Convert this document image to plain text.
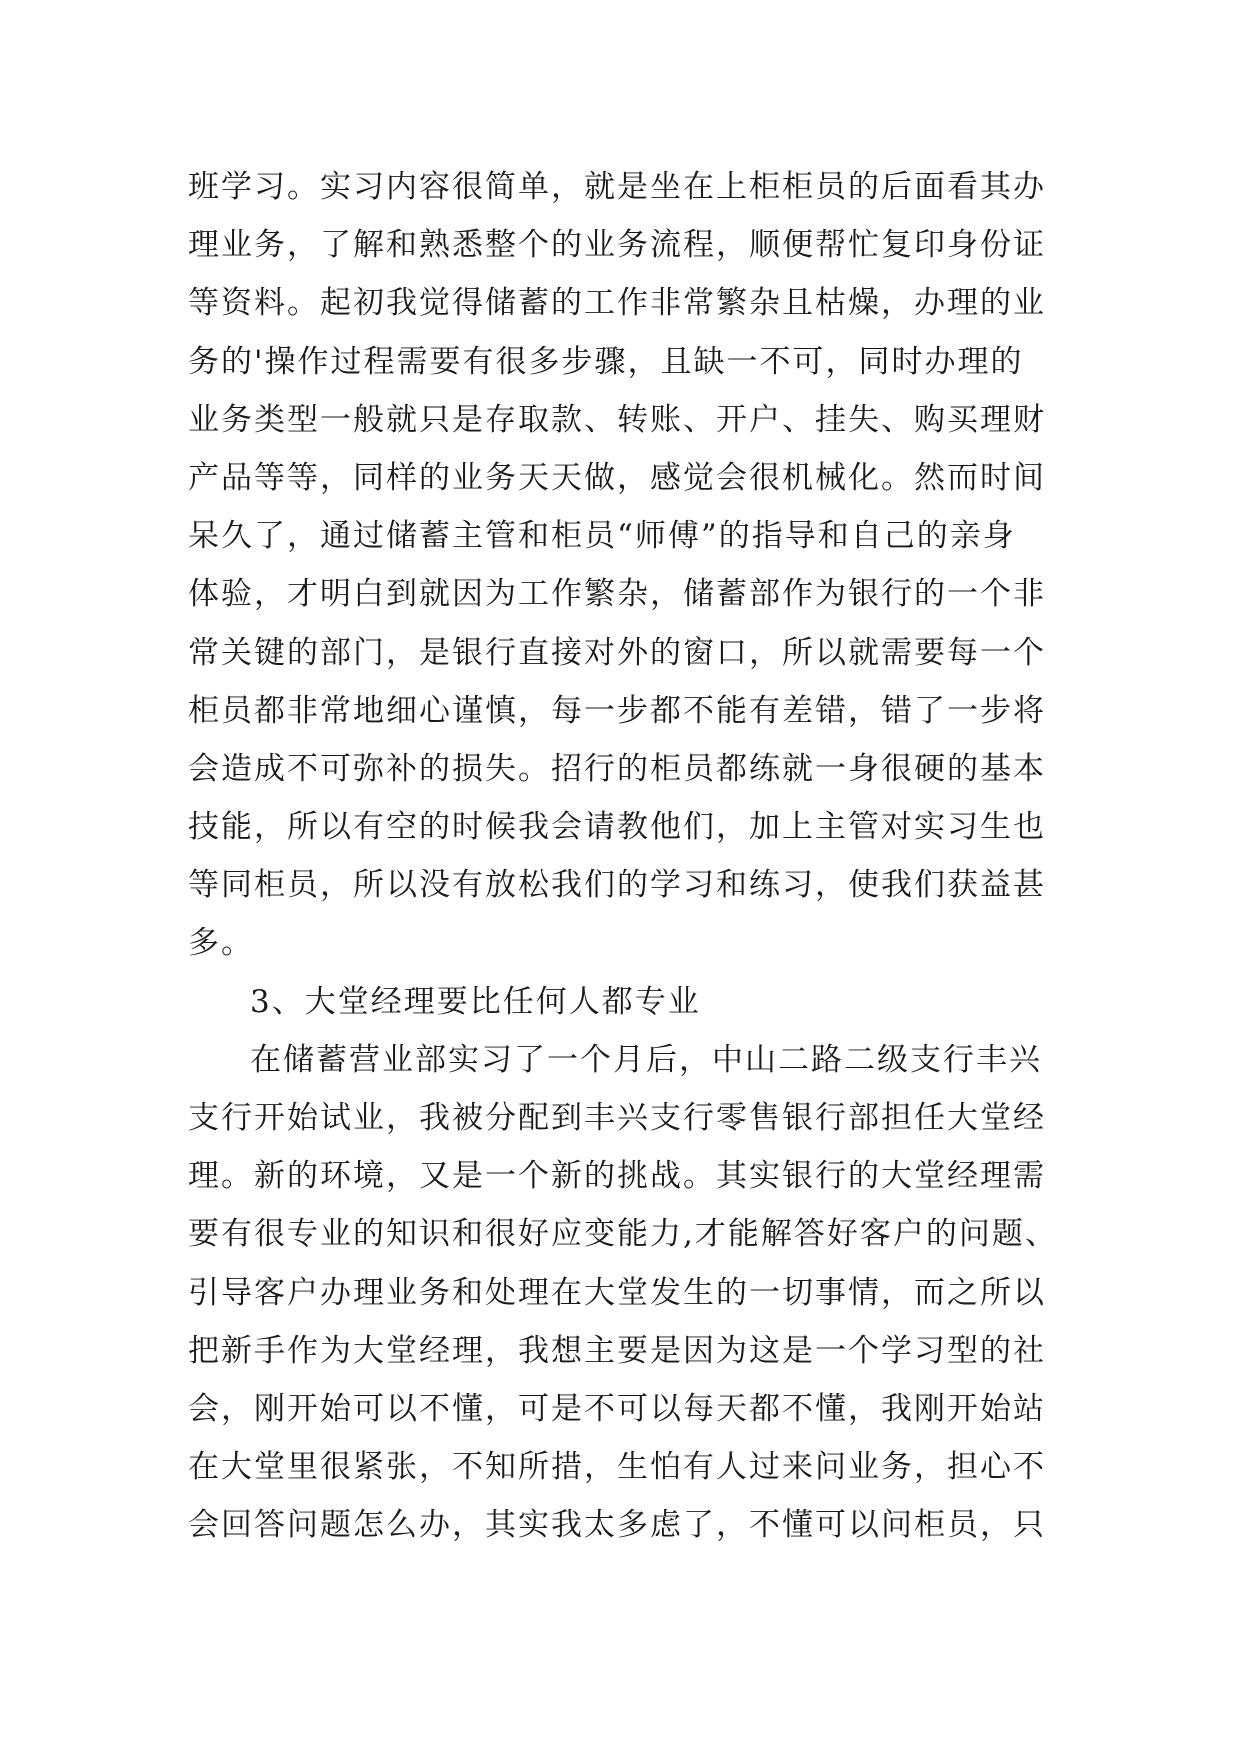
班学习。实习内容很简单，就是坐在上柜柜员的后面看其办
理业务，了解和熟悉整个的业务流程，顺便帮忙复印身份证
等资料。起初我觉得储蓄的工作非常繁杂且枯燥，办理的业
务的'操作过程需要有很多步骤，且缺一不可，同时办理的
业务类型一般就只是存取款、转账、开户、挂失、购买理财
产品等等，同样的业务天天做，感觉会很机械化。然而时间
呆久了，通过储蓄主管和柜员“师傅”的指导和自己的亲身
体验，才明白到就因为工作繁杂，储蓄部作为银行的一个非
常关键的部门，是银行直接对外的窗口，所以就需要每一个
柜员都非常地细心谨慎，每一步都不能有差错，错了一步将
会造成不可弥补的损失。招行的柜员都练就一身很硬的基本
技能，所以有空的时候我会请教他们，加上主管对实习生也
等同柜员，所以没有放松我们的学习和练习，使我们获益甚
多。
3、大堂经理要比任何人都专业
在储蓄营业部实习了一个月后，中山二路二级支行丰兴
支行开始试业，我被分配到丰兴支行零售银行部担任大堂经
理。新的环境，又是一个新的挑战。其实银行的大堂经理需
要有很专业的知识和很好应变能力,才能解答好客户的问题、
引导客户办理业务和处理在大堂发生的一切事情，而之所以
把新手作为大堂经理，我想主要是因为这是一个学习型的社
会，刚开始可以不懂，可是不可以每天都不懂，我刚开始站
在大堂里很紧张，不知所措，生怕有人过来问业务，担心不
会回答问题怎么办，其实我太多虑了，不懂可以问柜员，只
